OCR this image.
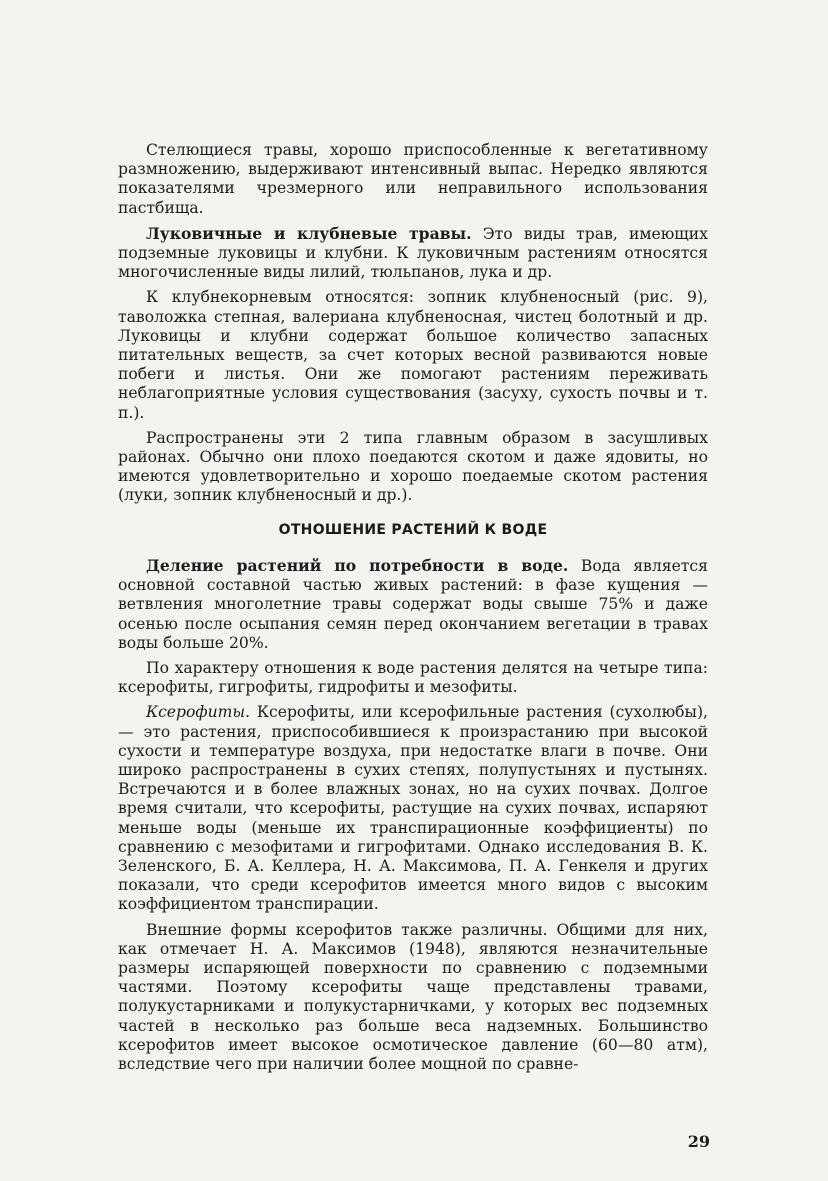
Стелющиеся травы, хорошо приспособленные к вегетативному размножению, выдерживают интенсивный выпас. Нередко являются показателями чрезмерного или неправильного использования пастбища.

Луковичные и клубневые травы. Это виды трав, имеющих подземные луковицы и клубни. К луковичным растениям относятся многочисленные виды лилий, тюльпанов, лука и др.

К клубнекорневым относятся: зопник клубненосный (рис. 9), таволожка степная, валериана клубненосная, чистец болотный и др. Луковицы и клубни содержат большое количество запасных питательных веществ, за счет которых весной развиваются новые побеги и листья. Они же помогают растениям переживать неблагоприятные условия существования (засуху, сухость почвы и т. п.).

Распространены эти 2 типа главным образом в засушливых районах. Обычно они плохо поедаются скотом и даже ядовиты, но имеются удовлетворительно и хорошо поедаемые скотом растения (луки, зопник клубненосный и др.).

ОТНОШЕНИЕ РАСТЕНИЙ К ВОДЕ

Деление растений по потребности в воде. Вода является основной составной частью живых растений: в фазе кущения — ветвления многолетние травы содержат воды свыше 75% и даже осенью после осыпания семян перед окончанием вегетации в травах воды больше 20%.

По характеру отношения к воде растения делятся на четыре типа: ксерофиты, гигрофиты, гидрофиты и мезофиты.

Ксерофиты. Ксерофиты, или ксерофильные растения (сухолюбы), — это растения, приспособившиеся к произрастанию при высокой сухости и температуре воздуха, при недостатке влаги в почве. Они широко распространены в сухих степях, полупустынях и пустынях. Встречаются и в более влажных зонах, но на сухих почвах. Долгое время считали, что ксерофиты, растущие на сухих почвах, испаряют меньше воды (меньше их транспирационные коэффициенты) по сравнению с мезофитами и гигрофитами. Однако исследования В. К. Зеленского, Б. А. Келлера, Н. А. Максимова, П. А. Генкеля и других показали, что среди ксерофитов имеется много видов с высоким коэффициентом транспирации.

Внешние формы ксерофитов также различны. Общими для них, как отмечает Н. А. Максимов (1948), являются незначительные размеры испаряющей поверхности по сравнению с подземными частями. Поэтому ксерофиты чаще представлены травами, полукустарниками и полукустарничками, у которых вес подземных частей в несколько раз больше веса надземных. Большинство ксерофитов имеет высокое осмотическое давление (60—80 атм), вследствие чего при наличии более мощной по сравне-

29
